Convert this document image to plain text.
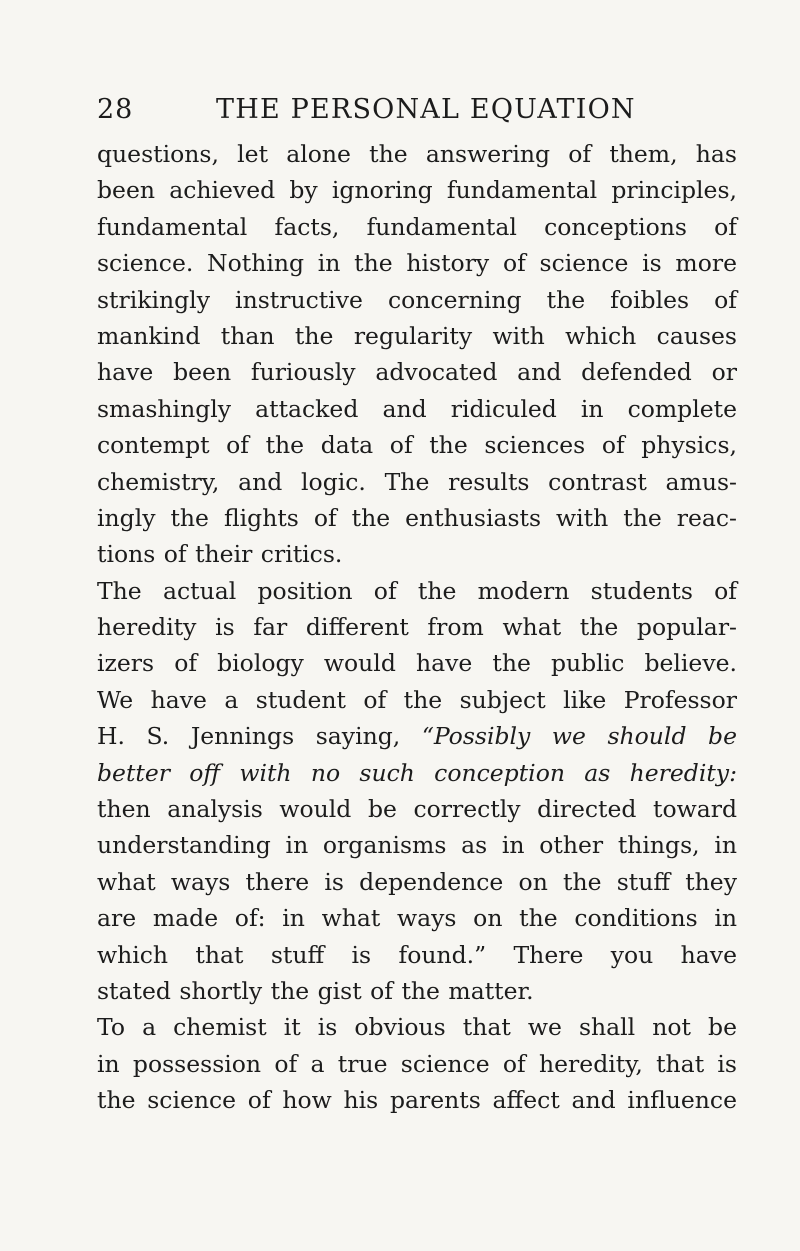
28	THE PERSONAL EQUATION
questions, let alone the answering of them, has
been achieved by ignoring fundamental principles,
fundamental facts, fundamental conceptions of
science. Nothing in the history of science is more
strikingly instructive concerning the foibles of
mankind than the regularity with which causes
have been furiously advocated and defended or
smashingly attacked and ridiculed in complete
contempt of the data of the sciences of physics,
chemistry, and logic. The results contrast amus-
ingly the flights of the enthusiasts with the reac-
tions of their critics.
The actual position of the modern students of
heredity is far different from what the popular-
izers of biology would have the public believe.
We have a student of the subject like Professor
H. S. Jennings saying, “Possibly we should be
better off with no such conception as heredity:
then analysis would be correctly directed toward
understanding in organisms as in other things, in
what ways there is dependence on the stuff they
are made of: in what ways on the conditions in
which that stuff is found.” There you have
stated shortly the gist of the matter.
To a chemist it is obvious that we shall not be
in possession of a true science of heredity, that is
the science of how his parents affect and influence
